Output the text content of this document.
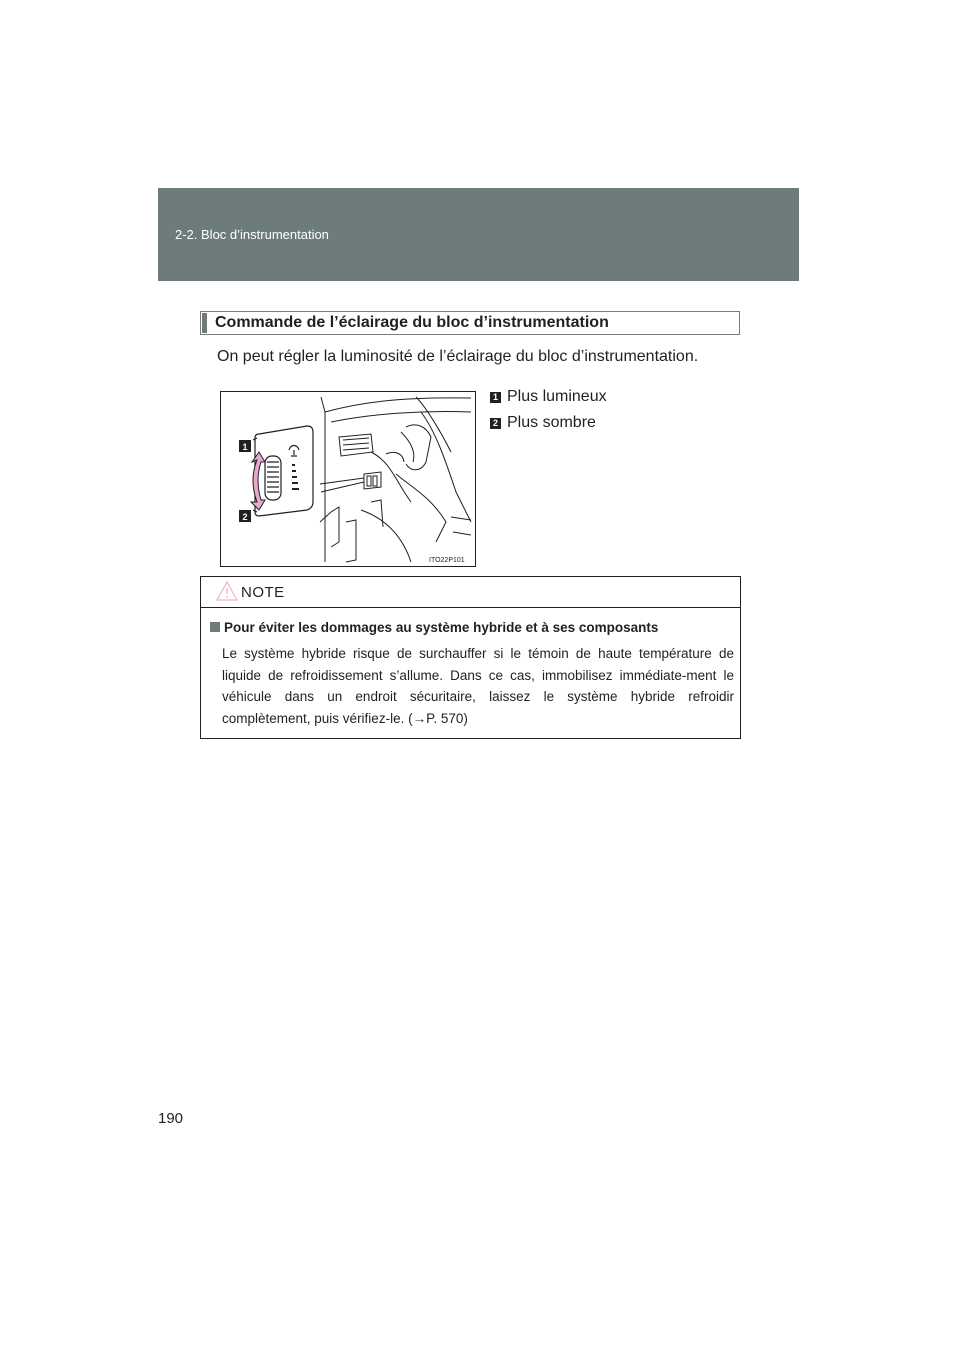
2-2. Bloc d’instrumentation
Commande de l’éclairage du bloc d’instrumentation
On peut régler la luminosité de l’éclairage du bloc d’instrumentation.
1
2
ITO22P101
1 Plus lumineux
2 Plus sombre
NOTE
Pour éviter les dommages au système hybride et à ses composants
Le système hybride risque de surchauffer si le témoin de haute température de liquide de refroidissement s’allume. Dans ce cas, immobilisez immédiate-ment le véhicule dans un endroit sécuritaire, laissez le système hybride refroidir complètement, puis vérifiez-le. (→P. 570)
190
